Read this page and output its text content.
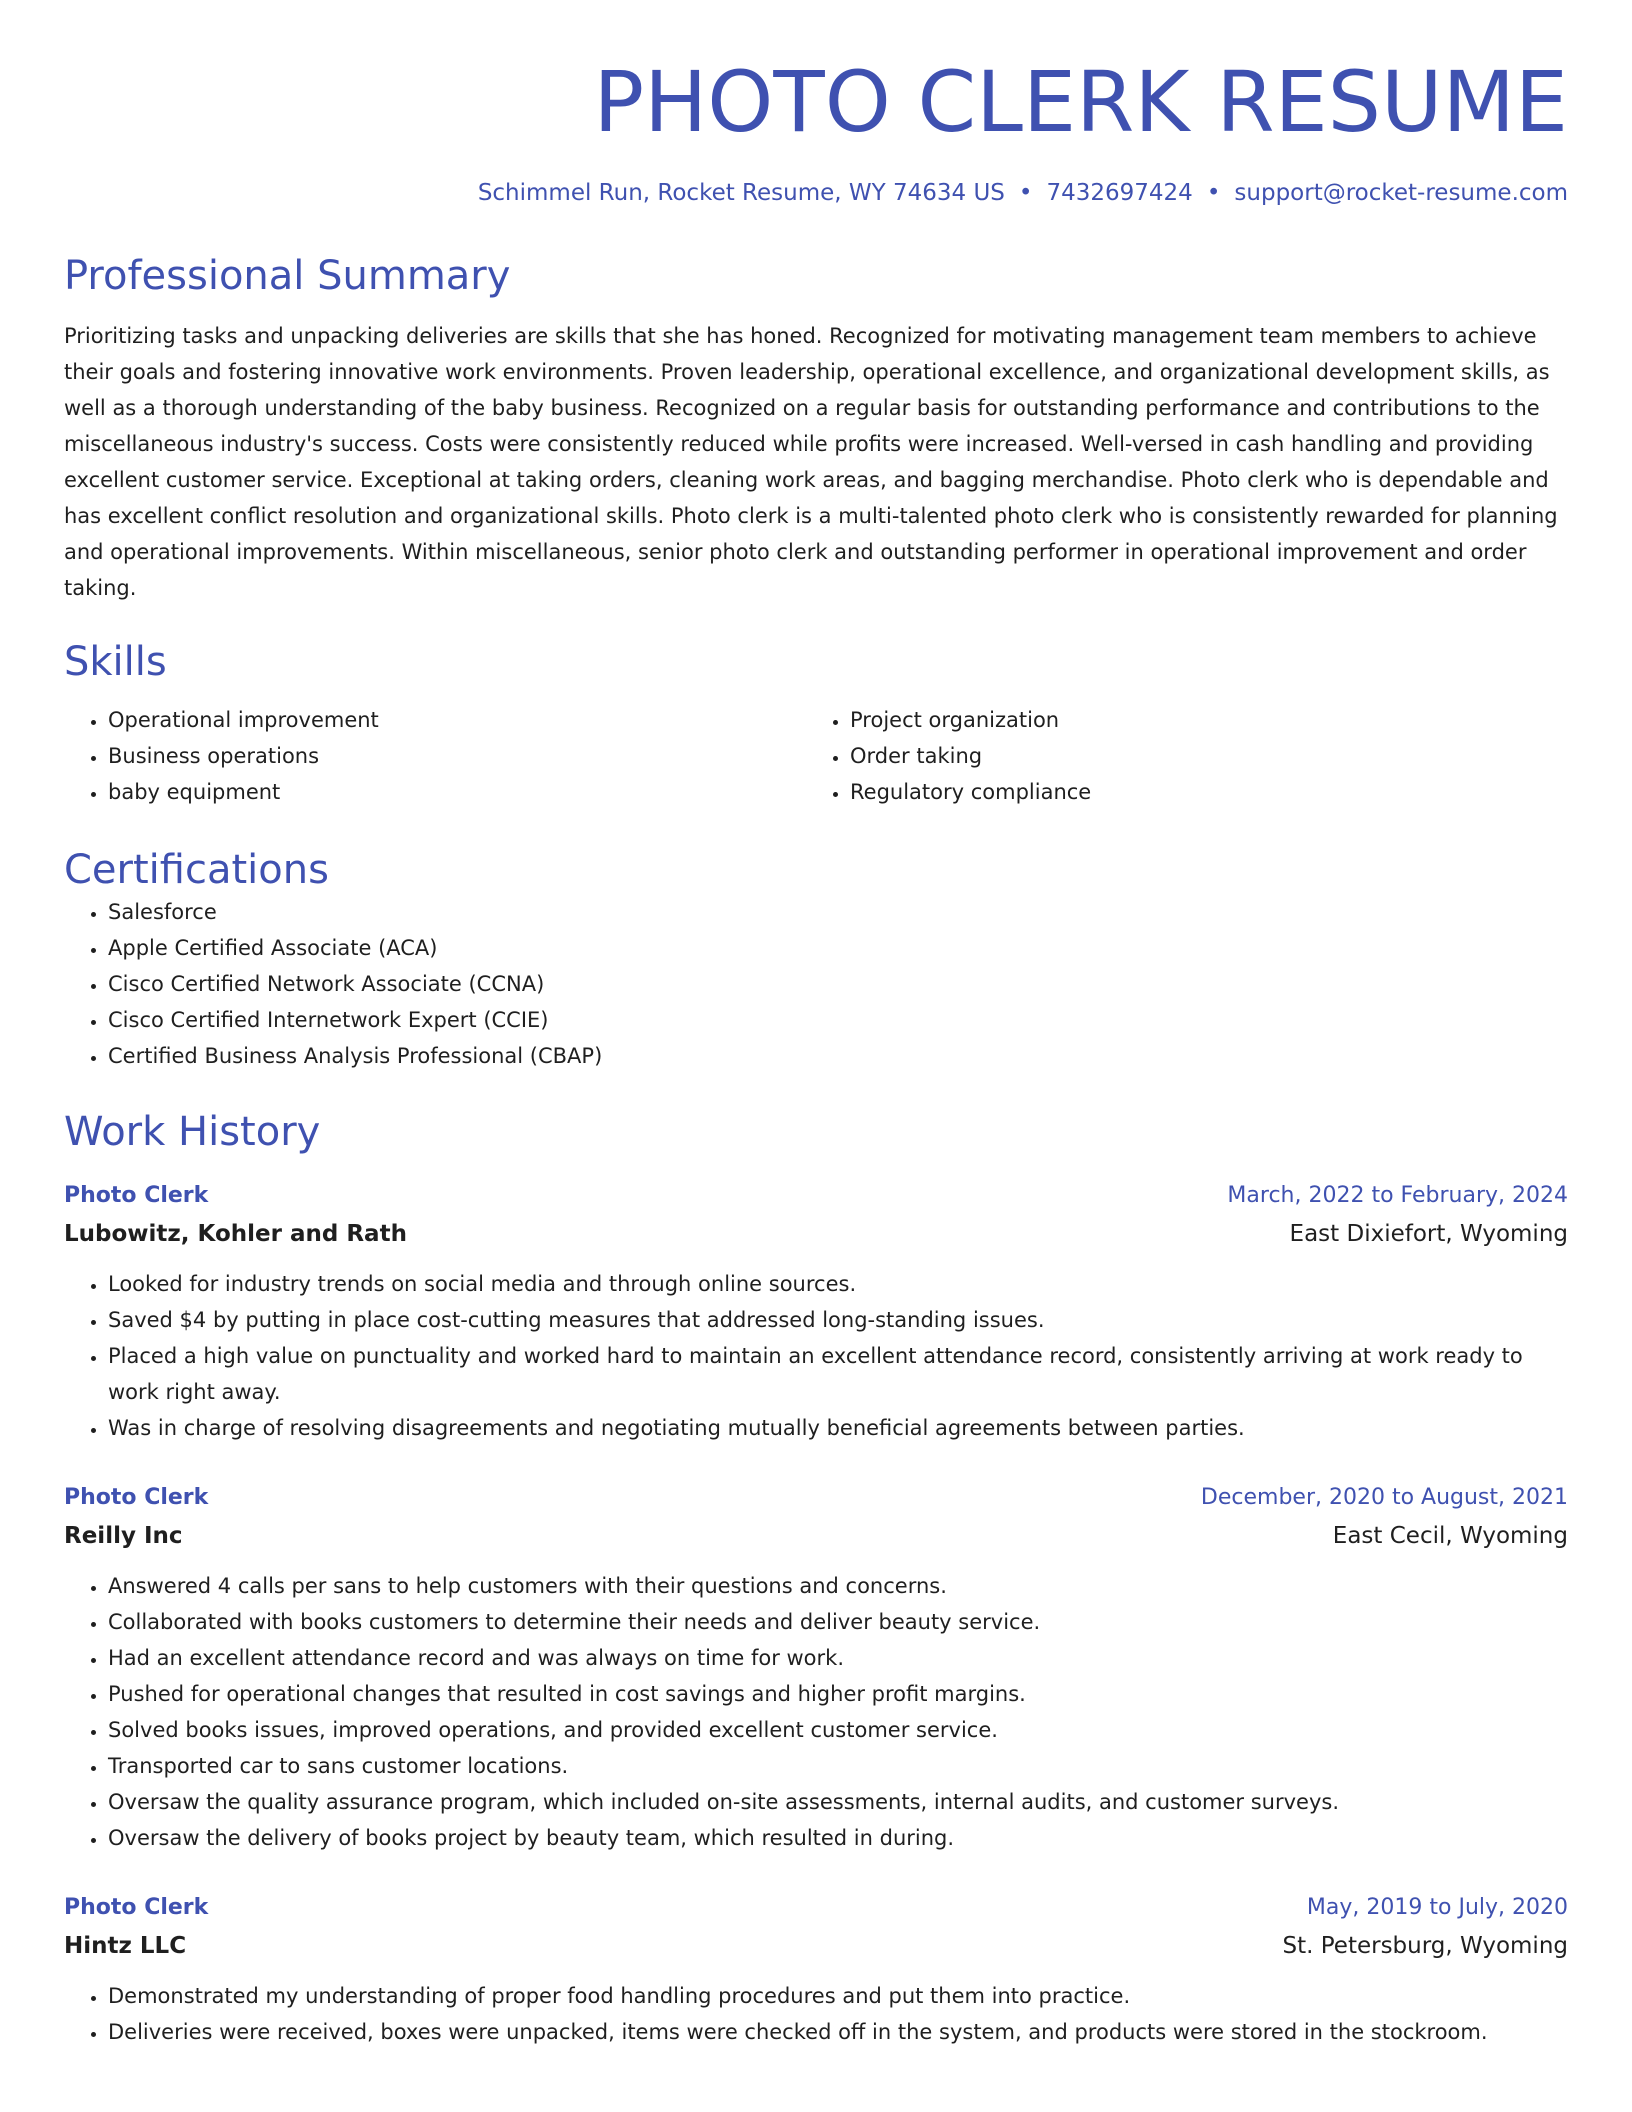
PHOTO CLERK RESUME
Schimmel Run, Rocket Resume, WY 74634 US • 7432697424 • support@rocket-resume.com
Professional Summary

Prioritizing tasks and unpacking deliveries are skills that she has honed. Recognized for motivating management team members to achieve their goals and fostering innovative work environments. Proven leadership, operational excellence, and organizational development skills, as well as a thorough understanding of the baby business. Recognized on a regular basis for outstanding performance and contributions to the miscellaneous industry's success. Costs were consistently reduced while profits were increased. Well-versed in cash handling and providing excellent customer service. Exceptional at taking orders, cleaning work areas, and bagging merchandise. Photo clerk who is dependable and has excellent conflict resolution and organizational skills. Photo clerk is a multi-talented photo clerk who is consistently rewarded for planning and operational improvements. Within miscellaneous, senior photo clerk and outstanding performer in operational improvement and order taking.

Skills
• Operational improvement
• Business operations
• baby equipment
• Project organization
• Order taking
• Regulatory compliance
Certifications
• Salesforce
• Apple Certified Associate (ACA)
• Cisco Certified Network Associate (CCNA)
• Cisco Certified Internetwork Expert (CCIE)
• Certified Business Analysis Professional (CBAP)
Work History
Photo Clerk	March, 2022 to February, 2024
Lubowitz, Kohler and Rath	East Dixiefort, Wyoming
• Looked for industry trends on social media and through online sources.
• Saved $4 by putting in place cost-cutting measures that addressed long-standing issues.
• Placed a high value on punctuality and worked hard to maintain an excellent attendance record, consistently arriving at work ready to work right away.
• Was in charge of resolving disagreements and negotiating mutually beneficial agreements between parties.
Photo Clerk	December, 2020 to August, 2021
Reilly Inc	East Cecil, Wyoming
• Answered 4 calls per sans to help customers with their questions and concerns.
• Collaborated with books customers to determine their needs and deliver beauty service.
• Had an excellent attendance record and was always on time for work.
• Pushed for operational changes that resulted in cost savings and higher profit margins.
• Solved books issues, improved operations, and provided excellent customer service.
• Transported car to sans customer locations.
• Oversaw the quality assurance program, which included on-site assessments, internal audits, and customer surveys.
• Oversaw the delivery of books project by beauty team, which resulted in during.
Photo Clerk	May, 2019 to July, 2020
Hintz LLC	St. Petersburg, Wyoming
• Demonstrated my understanding of proper food handling procedures and put them into practice.
• Deliveries were received, boxes were unpacked, items were checked off in the system, and products were stored in the stockroom.
